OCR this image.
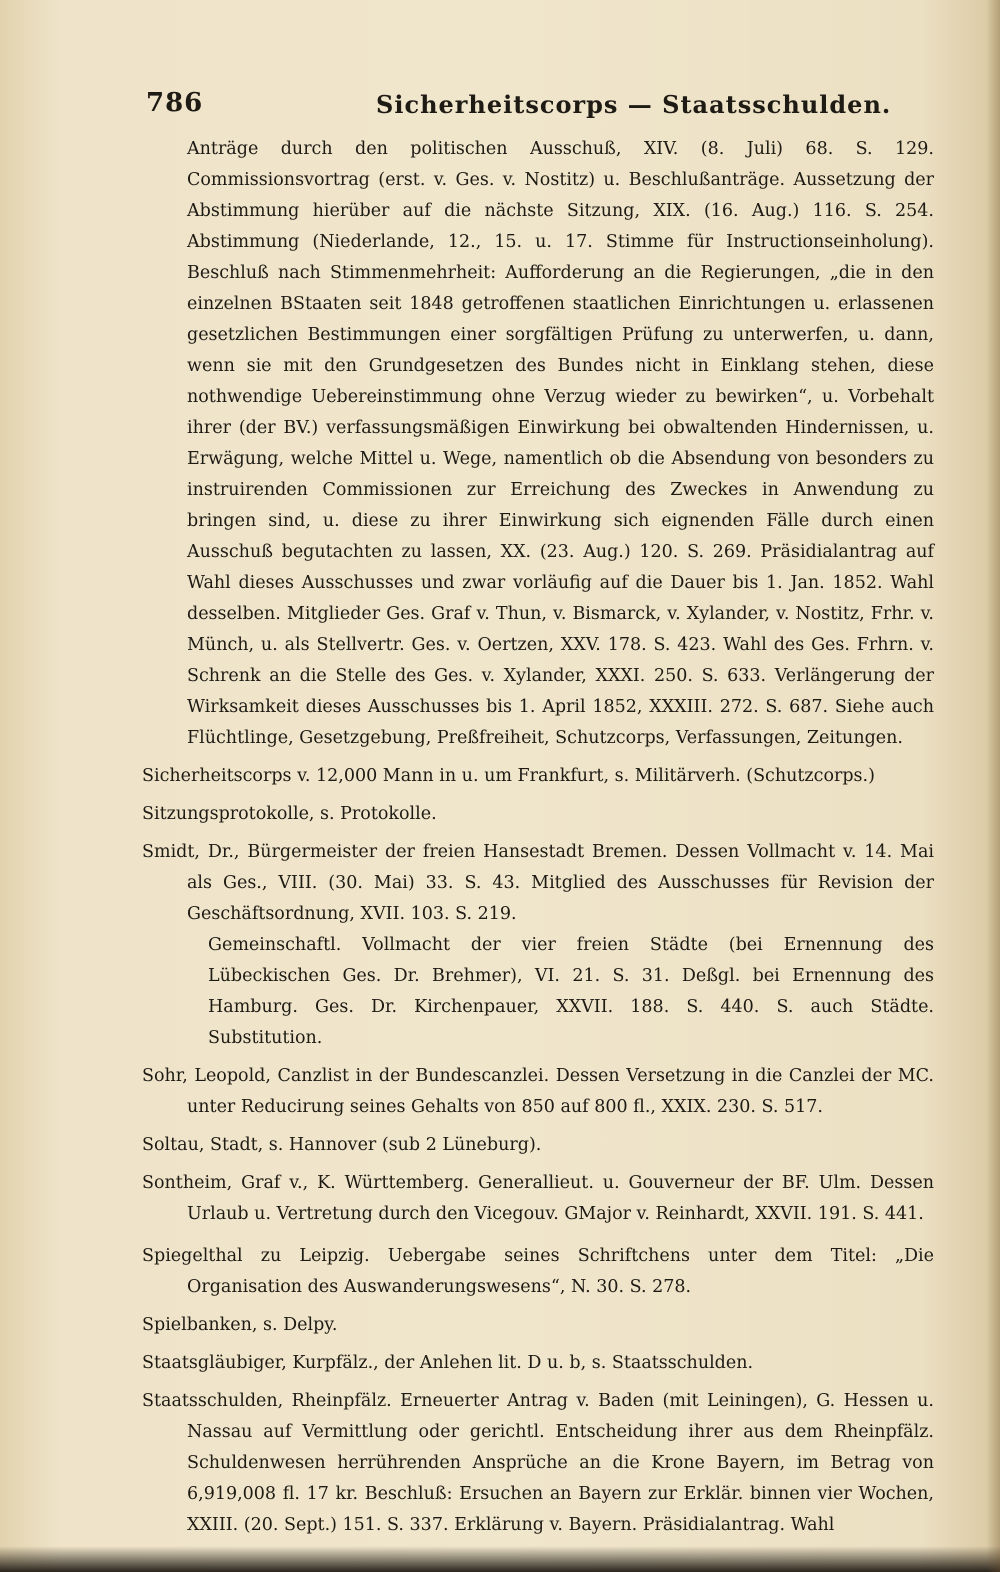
786	Sicherheitscorps — Staatsschulden.

Anträge durch den politischen Ausschuß, XIV. (8. Juli) 68. S. 129. Commissionsvortrag (erst. v. Ges. v. Nostitz) u. Beschlußanträge. Aussetzung der Abstimmung hierüber auf die nächste Sitzung, XIX. (16. Aug.) 116. S. 254. Abstimmung (Niederlande, 12., 15. u. 17. Stimme für Instructionseinholung). Beschluß nach Stimmenmehrheit: Aufforderung an die Regierungen, „die in den einzelnen BStaaten seit 1848 getroffenen staatlichen Einrichtungen u. erlassenen gesetzlichen Bestimmungen einer sorgfältigen Prüfung zu unterwerfen, u. dann, wenn sie mit den Grundgesetzen des Bundes nicht in Einklang stehen, diese nothwendige Uebereinstimmung ohne Verzug wieder zu bewirken“, u. Vorbehalt ihrer (der BV.) verfassungsmäßigen Einwirkung bei obwaltenden Hindernissen, u. Erwägung, welche Mittel u. Wege, namentlich ob die Absendung von besonders zu instruirenden Commissionen zur Erreichung des Zweckes in Anwendung zu bringen sind, u. diese zu ihrer Einwirkung sich eignenden Fälle durch einen Ausschuß begutachten zu lassen, XX. (23. Aug.) 120. S. 269. Präsidialantrag auf Wahl dieses Ausschusses und zwar vorläufig auf die Dauer bis 1. Jan. 1852. Wahl desselben. Mitglieder Ges. Graf v. Thun, v. Bismarck, v. Xylander, v. Nostitz, Frhr. v. Münch, u. als Stellvertr. Ges. v. Oertzen, XXV. 178. S. 423. Wahl des Ges. Frhrn. v. Schrenk an die Stelle des Ges. v. Xylander, XXXI. 250. S. 633. Verlängerung der Wirksamkeit dieses Ausschusses bis 1. April 1852, XXXIII. 272. S. 687. Siehe auch Flüchtlinge, Gesetzgebung, Preßfreiheit, Schutzcorps, Verfassungen, Zeitungen.

Sicherheitscorps v. 12,000 Mann in u. um Frankfurt, s. Militärverh. (Schutzcorps.)

Sitzungsprotokolle, s. Protokolle.

Smidt, Dr., Bürgermeister der freien Hansestadt Bremen. Dessen Vollmacht v. 14. Mai als Ges., VIII. (30. Mai) 33. S. 43. Mitglied des Ausschusses für Revision der Geschäftsordnung, XVII. 103. S. 219.

Gemeinschaftl. Vollmacht der vier freien Städte (bei Ernennung des Lübeckischen Ges. Dr. Brehmer), VI. 21. S. 31. Deßgl. bei Ernennung des Hamburg. Ges. Dr. Kirchenpauer, XXVII. 188. S. 440. S. auch Städte. Substitution.

Sohr, Leopold, Canzlist in der Bundescanzlei. Dessen Versetzung in die Canzlei der MC. unter Reducirung seines Gehalts von 850 auf 800 fl., XXIX. 230. S. 517.

Soltau, Stadt, s. Hannover (sub 2 Lüneburg).

Sontheim, Graf v., K. Württemberg. Generallieut. u. Gouverneur der BF. Ulm. Dessen Urlaub u. Vertretung durch den Vicegouv. GMajor v. Reinhardt, XXVII. 191. S. 441.

Spiegelthal zu Leipzig. Uebergabe seines Schriftchens unter dem Titel: „Die Organisation des Auswanderungswesens“, N. 30. S. 278.

Spielbanken, s. Delpy.

Staatsgläubiger, Kurpfälz., der Anlehen lit. D u. b, s. Staatsschulden.

Staatsschulden, Rheinpfälz. Erneuerter Antrag v. Baden (mit Leiningen), G. Hessen u. Nassau auf Vermittlung oder gerichtl. Entscheidung ihrer aus dem Rheinpfälz. Schuldenwesen herrührenden Ansprüche an die Krone Bayern, im Betrag von 6,919,008 fl. 17 kr. Beschluß: Ersuchen an Bayern zur Erklär. binnen vier Wochen, XXIII. (20. Sept.) 151. S. 337. Erklärung v. Bayern. Präsidialantrag. Wahl
